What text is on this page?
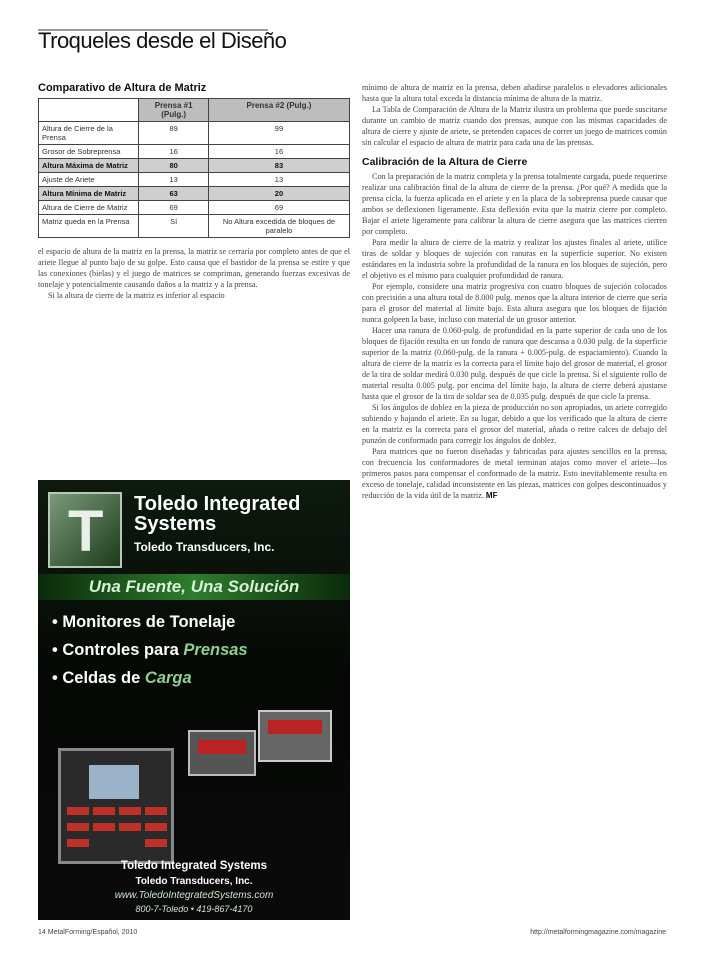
Troqueles desde el Diseño
Comparativo de Altura de Matriz
	Prensa #1 (Pulg.)	Prensa #2 (Pulg.)
Altura de Cierre de la Prensa	89	99
Grosor de Sobreprensa	16	16
Altura Máxima de Matriz	80	83
Ajuste de Ariete	13	13
Altura Mínima de Matriz	63	20
Altura de Cierre de Matriz	69	69
Matriz queda en la Prensa	Sí	No Altura excedida de bloques de paralelo

el espacio de altura de la matriz en la prensa, la matriz se cerraría por completo antes de que el ariete llegue al punto bajo de su golpe. Esto causa que el bastidor de la prensa se estire y que las conexiones (bielas) y el juego de matrices se compriman, generando fuerzas excesivas de tonelaje y potencialmente causando daños a la matriz y a la prensa.

Si la altura de cierre de la matriz es inferior al espacio

mínimo de altura de matriz en la prensa, deben añadirse paralelos o elevadores adicionales hasta que la altura total exceda la distancia mínima de altura de la matriz.

La Tabla de Comparación de Altura de la Matriz ilustra un problema que puede suscitarse durante un cambio de matriz cuando dos prensas, aunque con las mismas capacidades de altura de cierre y ajuste de ariete, se pretenden capaces de correr un juego de matrices común sin calcular el espacio de altura de matriz para cada una de las prensas.

Calibración de la Altura de Cierre

Con la preparación de la matriz completa y la prensa totalmente cargada, puede requerirse realizar una calibración final de la altura de cierre de la prensa. ¿Por qué? A medida que la prensa cicla, la fuerza aplicada en el ariete y en la placa de la sobreprensa puede causar que ambos se deflexionen ligeramente. Esta deflexión evita que la matriz cierre por completo. Bajar el ariete ligeramente para calibrar la altura de cierre asegura que las matrices cierren por completo.

Para medir la altura de cierre de la matriz y realizar los ajustes finales al ariete, utilice tiras de soldar y bloques de sujeción con ranuras en la superficie superior. No existen estándares en la industria sobre la profundidad de la ranura en los bloques de sujeción, pero el objetivo es el mismo para cualquier profundidad de ranura.

Por ejemplo, considere una matriz progresiva con cuatro bloques de sujeción colocados con precisión a una altura total de 8.000 pulg. menos que la altura interior de cierre que sería para el grosor del material al límite bajo. Esta altura asegura que los bloques de fijación nunca golpeen la base, incluso con material de un grosor anterior.

Hacer una ranura de 0.060-pulg. de profundidad en la parte superior de cada uno de los bloques de fijación resulta en un fondo de ranura que descansa a 0.030 pulg. de la superficie superior de la matriz (0.060-pulg. de la ranura + 0.005-pulg. de espaciamiento). Cuando la altura de cierre de la matriz es la correcta para el límite bajo del grosor de material, el grosor de la tira de soldar medirá 0.030 pulg. después de que cicle la prensa. Si el siguiente rollo de material resulta 0.005 pulg. por encima del límite bajo, la altura de cierre deberá ajustarse hasta que el grosor de la tira de soldar sea de 0.035 pulg. después de que cicle la prensa.

Si los ángulos de doblez en la pieza de producción no son apropiados, un ariete corregido subiendo y bajando el ariete. En su lugar, debido a que los verificado que la altura de cierre en la matriz es la correcta para el grosor del material, añada o retire calces de debajo del punzón de conformado para corregir los ángulos de doblez.

Para matrices que no fueron diseñadas y fabricadas para ajustes sencillos en la prensa, con frecuencia los conformadores de metal terminan atajos como mover el ariete—los primeros pasos para compensar el conformado de la matriz. Esto inevitablemente resulta en exceso de tonelaje, calidad inconsistente en las piezas, matrices con golpes descontinuados y reducción de la vida útil de la matriz. MF

T Toledo Integrated Systems
Toledo Transducers, Inc.
Una Fuente, Una Solución
• Monitores de Tonelaje
• Controles para Prensas
• Celdas de Carga
Toledo Integrated Systems
Toledo Transducers, Inc.
www.ToledoIntegratedSystems.com
800-7-Toledo • 419-867-4170
14 MetalForming/Español, 2010	http://metalformingmagazine.com/magazine
